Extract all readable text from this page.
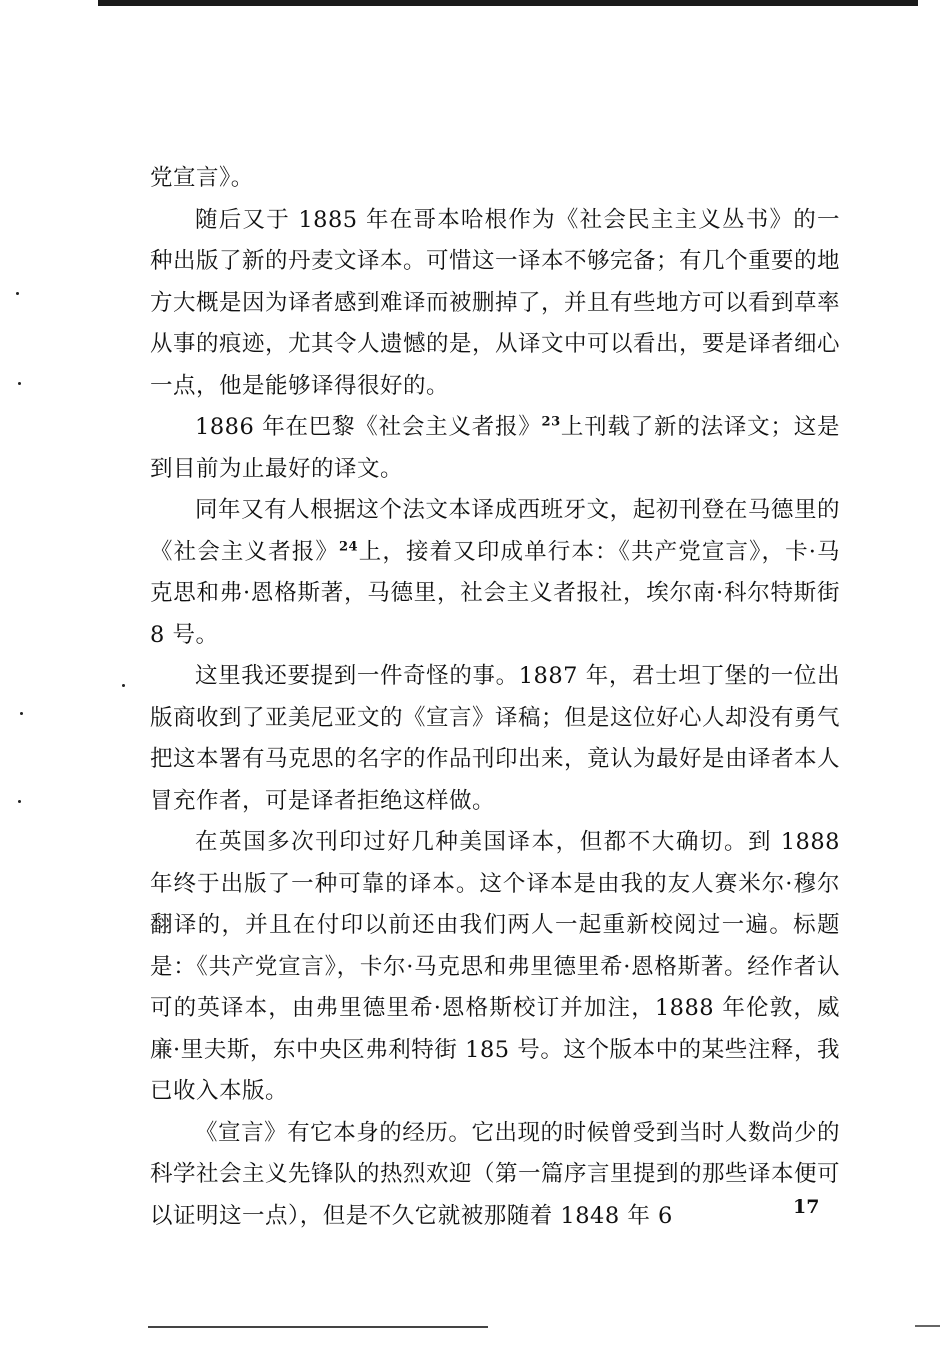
党宣言》。

随后又于 1885 年在哥本哈根作为《社会民主主义丛书》的一种出版了新的丹麦文译本。可惜这一译本不够完备；有几个重要的地方大概是因为译者感到难译而被删掉了，并且有些地方可以看到草率从事的痕迹，尤其令人遗憾的是，从译文中可以看出，要是译者细心一点，他是能够译得很好的。

1886 年在巴黎《社会主义者报》$^{23}$上刊载了新的法译文；这是到目前为止最好的译文。

同年又有人根据这个法文本译成西班牙文，起初刊登在马德里的《社会主义者报》$^{24}$上，接着又印成单行本：《共产党宣言》，卡·马克思和弗·恩格斯著，马德里，社会主义者报社，埃尔南·科尔特斯街 8 号。

这里我还要提到一件奇怪的事。1887 年，君士坦丁堡的一位出版商收到了亚美尼亚文的《宣言》译稿；但是这位好心人却没有勇气把这本署有马克思的名字的作品刊印出来，竟认为最好是由译者本人冒充作者，可是译者拒绝这样做。

在英国多次刊印过好几种美国译本，但都不大确切。到 1888 年终于出版了一种可靠的译本。这个译本是由我的友人赛米尔·穆尔翻译的，并且在付印以前还由我们两人一起重新校阅过一遍。标题是：《共产党宣言》，卡尔·马克思和弗里德里希·恩格斯著。经作者认可的英译本，由弗里德里希·恩格斯校订并加注，1888 年伦敦，威廉·里夫斯，东中央区弗利特街 185 号。这个版本中的某些注释，我已收入本版。

《宣言》有它本身的经历。它出现的时候曾受到当时人数尚少的科学社会主义先锋队的热烈欢迎（第一篇序言里提到的那些译本便可以证明这一点），但是不久它就被那随着 1848 年 6	17
